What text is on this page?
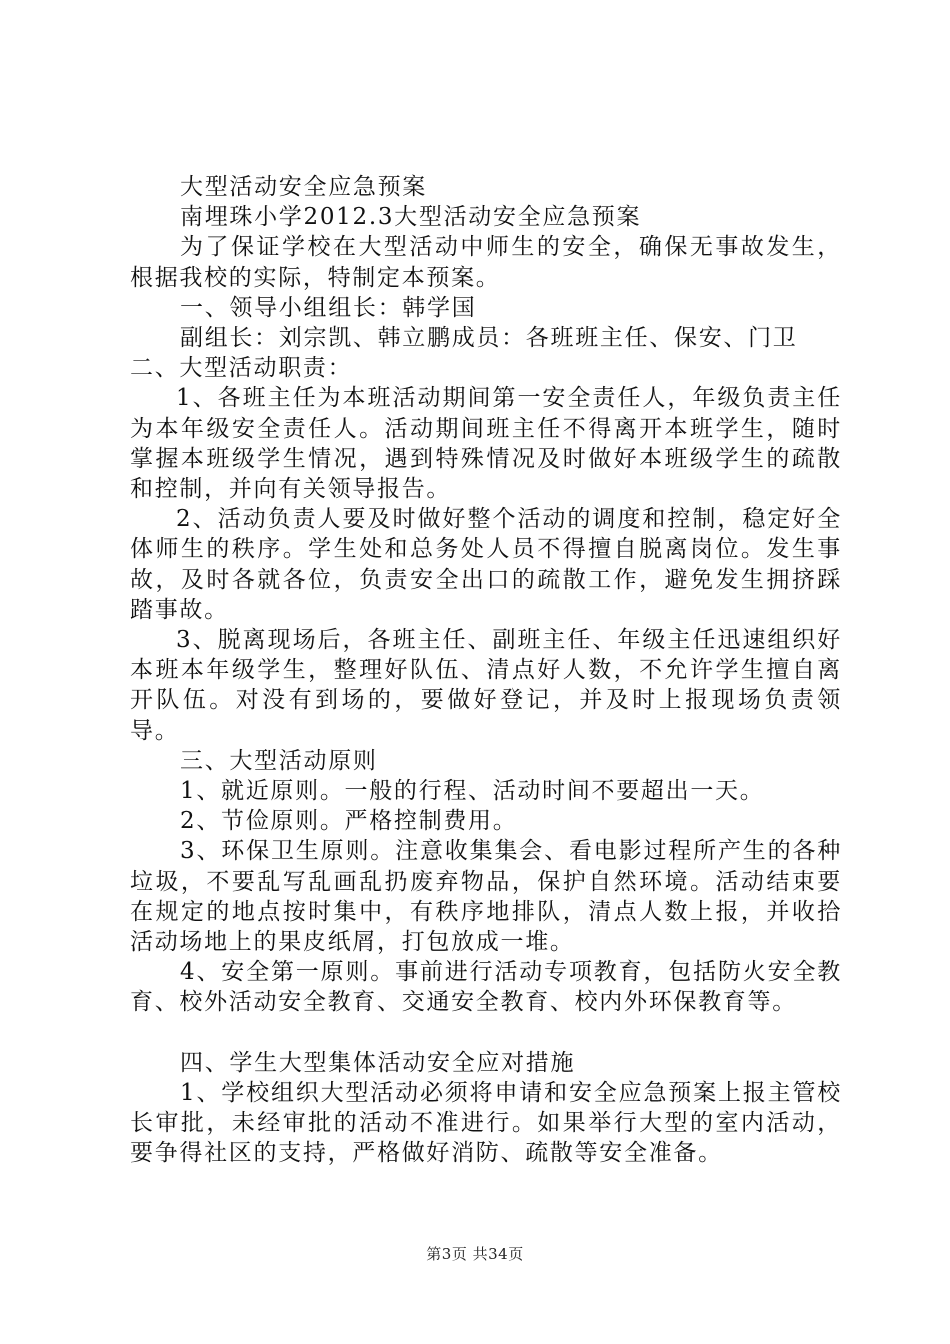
大型活动安全应急预案

南埋珠小学2012.3大型活动安全应急预案

为了保证学校在大型活动中师生的安全，确保无事故发生，根据我校的实际，特制定本预案。

一、领导小组组长：韩学国

副组长：刘宗凯、韩立鹏成员：各班班主任、保安、门卫

二、大型活动职责：

1、各班主任为本班活动期间第一安全责任人，年级负责主任为本年级安全责任人。活动期间班主任不得离开本班学生，随时掌握本班级学生情况，遇到特殊情况及时做好本班级学生的疏散和控制，并向有关领导报告。

2、活动负责人要及时做好整个活动的调度和控制，稳定好全体师生的秩序。学生处和总务处人员不得擅自脱离岗位。发生事故，及时各就各位，负责安全出口的疏散工作，避免发生拥挤踩踏事故。

3、脱离现场后，各班主任、副班主任、年级主任迅速组织好本班本年级学生，整理好队伍、清点好人数，不允许学生擅自离开队伍。对没有到场的，要做好登记，并及时上报现场负责领导。

三、大型活动原则

1、就近原则。一般的行程、活动时间不要超出一天。

2、节俭原则。严格控制费用。

3、环保卫生原则。注意收集集会、看电影过程所产生的各种垃圾，不要乱写乱画乱扔废弃物品，保护自然环境。活动结束要在规定的地点按时集中，有秩序地排队，清点人数上报，并收拾活动场地上的果皮纸屑，打包放成一堆。

4、安全第一原则。事前进行活动专项教育，包括防火安全教育、校外活动安全教育、交通安全教育、校内外环保教育等。

四、学生大型集体活动安全应对措施

1、学校组织大型活动必须将申请和安全应急预案上报主管校长审批，未经审批的活动不准进行。如果举行大型的室内活动，要争得社区的支持，严格做好消防、疏散等安全准备。

第3页 共34页
